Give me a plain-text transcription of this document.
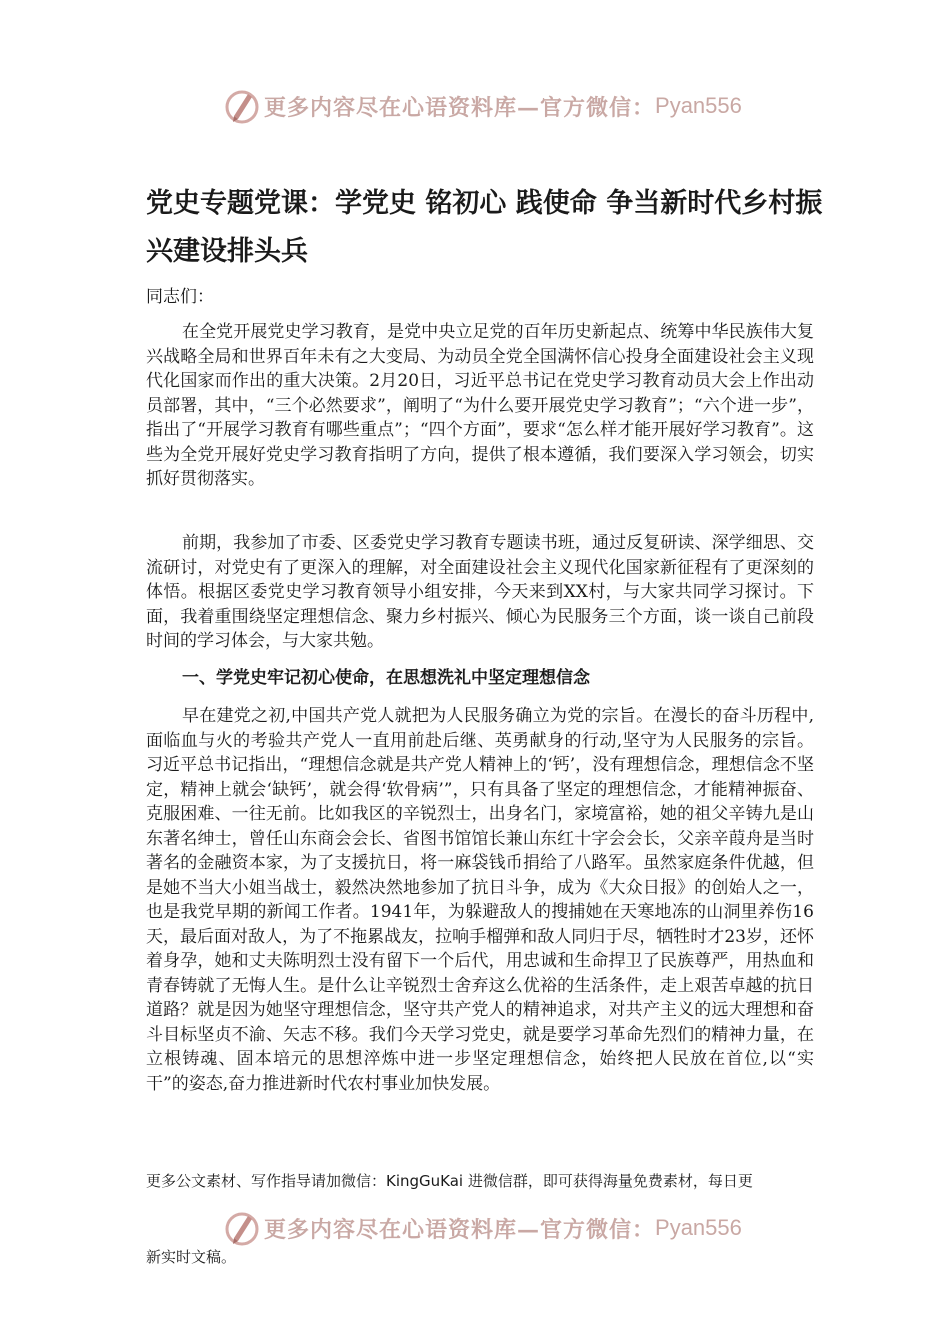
更多内容尽在心语资料库—官方微信： Pyan556
党史专题党课：学党史 铭初心 践使命 争当新时代乡村振兴建设排头兵

同志们：

在全党开展党史学习教育，是党中央立足党的百年历史新起点、统筹中华民族伟大复兴战略全局和世界百年未有之大变局、为动员全党全国满怀信心投身全面建设社会主义现代化国家而作出的重大决策。2月20日，习近平总书记在党史学习教育动员大会上作出动员部署，其中，“三个必然要求”，阐明了“为什么要开展党史学习教育”；“六个进一步”，指出了“开展学习教育有哪些重点”；“四个方面”，要求“怎么样才能开展好学习教育”。这些为全党开展好党史学习教育指明了方向，提供了根本遵循，我们要深入学习领会，切实抓好贯彻落实。

前期，我参加了市委、区委党史学习教育专题读书班，通过反复研读、深学细思、交流研讨，对党史有了更深入的理解，对全面建设社会主义现代化国家新征程有了更深刻的体悟。根据区委党史学习教育领导小组安排，今天来到XX村，与大家共同学习探讨。下面，我着重围绕坚定理想信念、聚力乡村振兴、倾心为民服务三个方面，谈一谈自己前段时间的学习体会，与大家共勉。

一、学党史牢记初心使命，在思想洗礼中坚定理想信念

早在建党之初,中国共产党人就把为人民服务确立为党的宗旨。在漫长的奋斗历程中,面临血与火的考验共产党人一直用前赴后继、英勇献身的行动,坚守为人民服务的宗旨。习近平总书记指出，“理想信念就是共产党人精神上的‘钙’，没有理想信念，理想信念不坚定，精神上就会‘缺钙’，就会得‘软骨病’”，只有具备了坚定的理想信念，才能精神振奋、克服困难、一往无前。比如我区的辛锐烈士，出身名门，家境富裕，她的祖父辛铸九是山东著名绅士，曾任山东商会会长、省图书馆馆长兼山东红十字会会长，父亲辛葭舟是当时著名的金融资本家，为了支援抗日，将一麻袋钱币捐给了八路军。虽然家庭条件优越，但是她不当大小姐当战士，毅然决然地参加了抗日斗争，成为《大众日报》的创始人之一，也是我党早期的新闻工作者。1941年，为躲避敌人的搜捕她在天寒地冻的山洞里养伤16天，最后面对敌人，为了不拖累战友，拉响手榴弹和敌人同归于尽，牺牲时才23岁，还怀着身孕，她和丈夫陈明烈士没有留下一个后代，用忠诚和生命捍卫了民族尊严，用热血和青春铸就了无悔人生。是什么让辛锐烈士舍弃这么优裕的生活条件，走上艰苦卓越的抗日道路？就是因为她坚守理想信念，坚守共产党人的精神追求，对共产主义的远大理想和奋斗目标坚贞不渝、矢志不移。我们今天学习党史，就是要学习革命先烈们的精神力量，在立根铸魂、固本培元的思想淬炼中进一步坚定理想信念，始终把人民放在首位,以“实干”的姿态,奋力推进新时代农村事业加快发展。

更多公文素材、写作指导请加微信：KingGuKai 进微信群，即可获得海量免费素材，每日更

更多内容尽在心语资料库—官方微信： Pyan556

新实时文稿。
